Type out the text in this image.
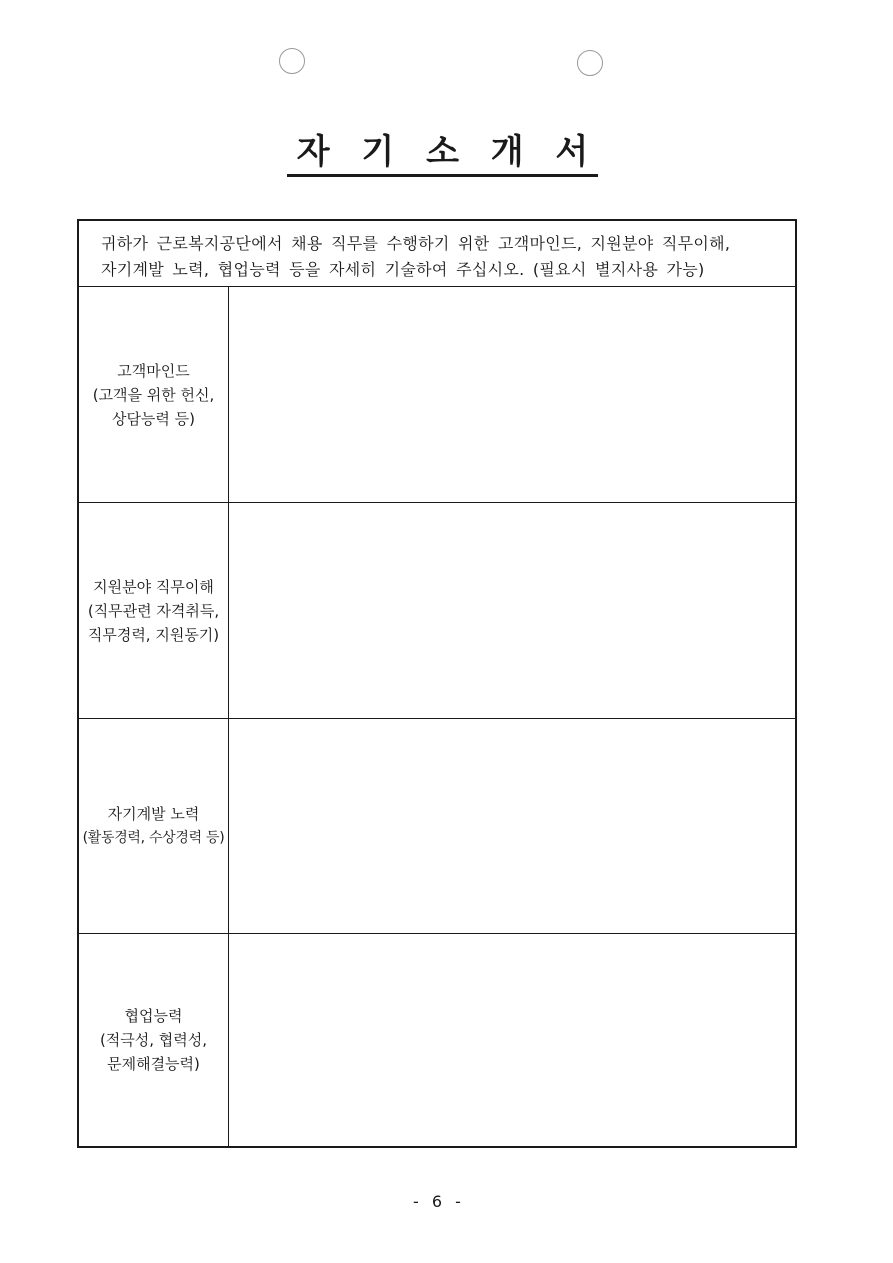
자 기 소 개 서
귀하가 근로복지공단에서 채용 직무를 수행하기 위한 고객마인드, 지원분야 직무이해,
자기계발 노력, 협업능력 등을 자세히 기술하여 주십시오. (필요시 별지사용 가능)
고객마인드
(고객을 위한 헌신,
상담능력 등)
지원분야 직무이해
(직무관련 자격취득,
직무경력, 지원동기)
자기계발 노력
(활동경력, 수상경력 등)
협업능력
(적극성, 협력성,
문제해결능력)
- 6 -
